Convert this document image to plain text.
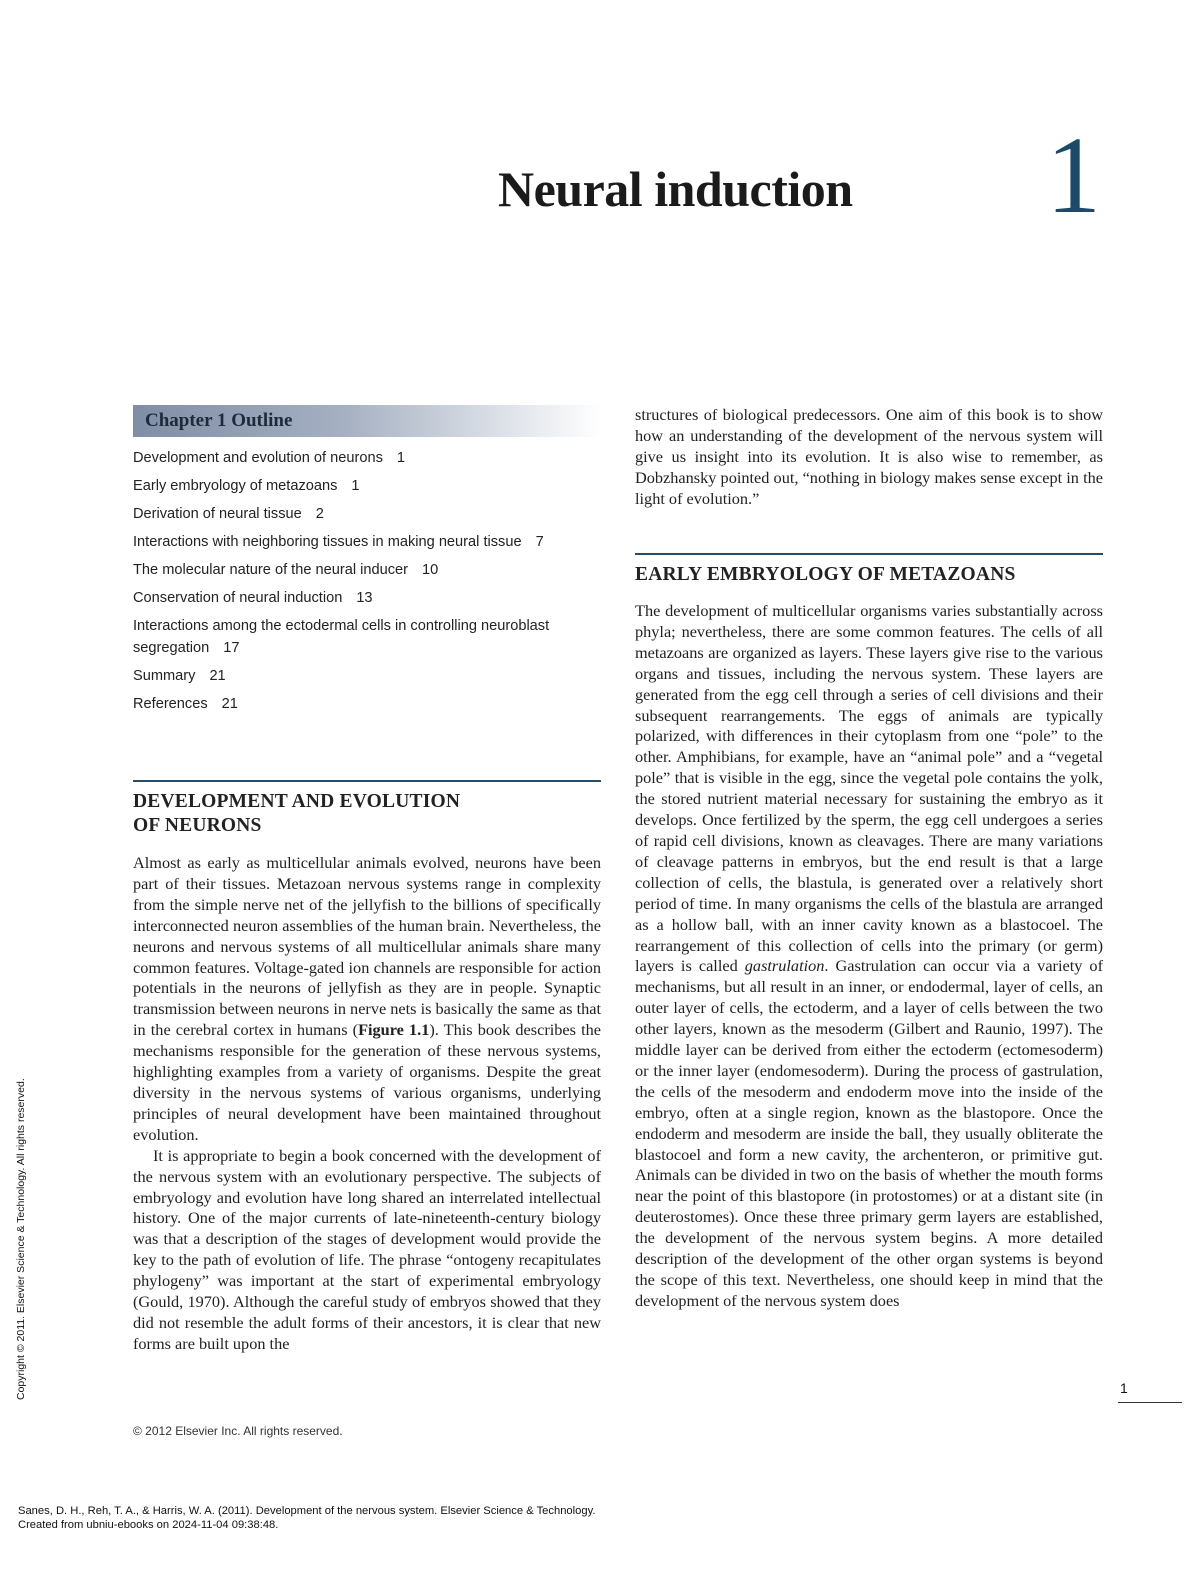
Neural induction 1
Chapter 1 Outline
Development and evolution of neurons 1
Early embryology of metazoans 1
Derivation of neural tissue 2
Interactions with neighboring tissues in making neural tissue 7
The molecular nature of the neural inducer 10
Conservation of neural induction 13
Interactions among the ectodermal cells in controlling neuroblast segregation 17
Summary 21
References 21
DEVELOPMENT AND EVOLUTION
OF NEURONS

Almost as early as multicellular animals evolved, neurons have been part of their tissues. Metazoan nervous systems range in complexity from the simple nerve net of the jellyfish to the billions of specifically interconnected neuron assemblies of the human brain. Nevertheless, the neurons and nervous systems of all multicellular animals share many common features. Voltage-gated ion channels are responsible for action potentials in the neurons of jellyfish as they are in people. Synaptic transmission between neurons in nerve nets is basically the same as that in the cerebral cortex in humans (Figure 1.1). This book describes the mechanisms responsible for the generation of these nervous systems, highlighting examples from a variety of organisms. Despite the great diversity in the nervous systems of various organisms, underlying principles of neural development have been maintained throughout evolution.

It is appropriate to begin a book concerned with the development of the nervous system with an evolutionary perspective. The subjects of embryology and evolution have long shared an interrelated intellectual history. One of the major currents of late-nineteenth-century biology was that a description of the stages of development would provide the key to the path of evolution of life. The phrase “ontogeny recapitulates phylogeny” was important at the start of experimental embryology (Gould, 1970). Although the careful study of embryos showed that they did not resemble the adult forms of their ancestors, it is clear that new forms are built upon the

structures of biological predecessors. One aim of this book is to show how an understanding of the development of the nervous system will give us insight into its evolution. It is also wise to remember, as Dobzhansky pointed out, “nothing in biology makes sense except in the light of evolution.”
EARLY EMBRYOLOGY OF METAZOANS

The development of multicellular organisms varies substantially across phyla; nevertheless, there are some common features. The cells of all metazoans are organized as layers. These layers give rise to the various organs and tissues, including the nervous system. These layers are generated from the egg cell through a series of cell divisions and their subsequent rearrangements. The eggs of animals are typically polarized, with differences in their cytoplasm from one “pole” to the other. Amphibians, for example, have an “animal pole” and a “vegetal pole” that is visible in the egg, since the vegetal pole contains the yolk, the stored nutrient material necessary for sustaining the embryo as it develops. Once fertilized by the sperm, the egg cell undergoes a series of rapid cell divisions, known as cleavages. There are many variations of cleavage patterns in embryos, but the end result is that a large collection of cells, the blastula, is generated over a relatively short period of time. In many organisms the cells of the blastula are arranged as a hollow ball, with an inner cavity known as a blastocoel. The rearrangement of this collection of cells into the primary (or germ) layers is called gastrulation. Gastrulation can occur via a variety of mechanisms, but all result in an inner, or endodermal, layer of cells, an outer layer of cells, the ectoderm, and a layer of cells between the two other layers, known as the mesoderm (Gilbert and Raunio, 1997). The middle layer can be derived from either the ectoderm (ectomesoderm) or the inner layer (endomesoderm). During the process of gastrulation, the cells of the mesoderm and endoderm move into the inside of the embryo, often at a single region, known as the blastopore. Once the endoderm and mesoderm are inside the ball, they usually obliterate the blastocoel and form a new cavity, the archenteron, or primitive gut. Animals can be divided in two on the basis of whether the mouth forms near the point of this blastopore (in protostomes) or at a distant site (in deuterostomes). Once these three primary germ layers are established, the development of the nervous system begins. A more detailed description of the development of the other organ systems is beyond the scope of this text. Nevertheless, one should keep in mind that the development of the nervous system does

1
© 2012 Elsevier Inc. All rights reserved.
Copyright © 2011. Elsevier Science & Technology. All rights reserved.
Sanes, D. H., Reh, T. A., & Harris, W. A. (2011). Development of the nervous system. Elsevier Science & Technology.
Created from ubniu-ebooks on 2024-11-04 09:38:48.
